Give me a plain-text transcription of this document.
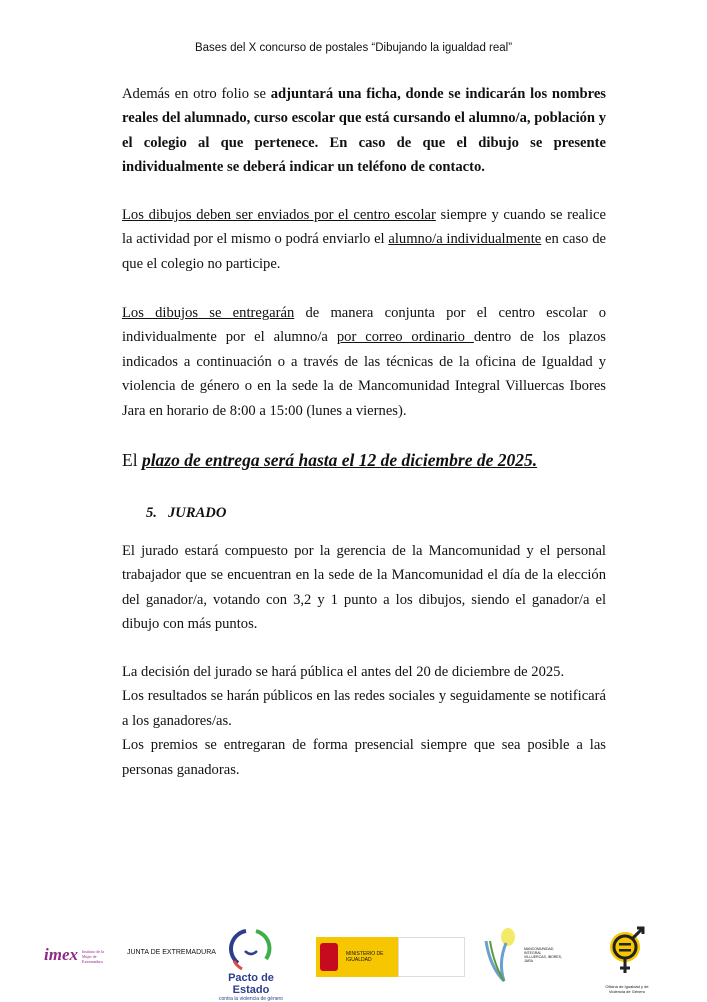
Bases del X concurso de postales “Dibujando la igualdad real”

Además en otro folio se adjuntará una ficha, donde se indicarán los nombres reales del alumnado, curso escolar que está cursando el alumno/a, población y el colegio al que pertenece. En caso de que el dibujo se presente individualmente se deberá indicar un teléfono de contacto.

Los dibujos deben ser enviados por el centro escolar siempre y cuando se realice la actividad por el mismo o podrá enviarlo el alumno/a individualmente en caso de que el colegio no participe.

Los dibujos se entregarán de manera conjunta por el centro escolar o individualmente por el alumno/a por correo ordinario dentro de los plazos indicados a continuación o a través de las técnicas de la oficina de Igualdad y violencia de género o en la sede la de Mancomunidad Integral Villuercas Ibores Jara en horario de 8:00 a 15:00 (lunes a viernes).

El plazo de entrega será hasta el 12 de diciembre de 2025.
5. JURADO

El jurado estará compuesto por la gerencia de la Mancomunidad y el personal trabajador que se encuentran en la sede de la Mancomunidad el día de la elección del ganador/a, votando con 3,2 y 1 punto a los dibujos, siendo el ganador/a el dibujo con más puntos.

La decisión del jurado se hará pública el antes del 20 de diciembre de 2025.

Los resultados se harán públicos en las redes sociales y seguidamente se notificará a los ganadores/as.

Los premios se entregaran de forma presencial siempre que sea posible a las personas ganadoras.

imex Instituto de la Mujer de Extremadura
JUNTA DE EXTREMADURA
Pacto de Estado
contra la violencia de género
MINISTERIO DE IGUALDAD
MANCOMUNIDAD INTEGRAL VILLUERCAS, IBORES, JARA
Oficina de Igualdad y de Violencia de Género
